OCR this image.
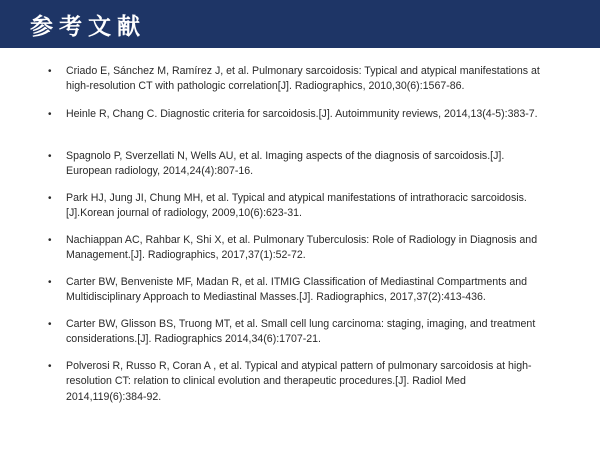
参考文献
• Criado E, Sánchez M, Ramírez J, et al. Pulmonary sarcoidosis: Typical and atypical manifestations at high-resolution CT with pathologic correlation[J]. Radiographics, 2010,30(6):1567-86.
• Heinle R, Chang C. Diagnostic criteria for sarcoidosis.[J]. Autoimmunity reviews, 2014,13(4-5):383-7.
• Spagnolo P, Sverzellati N, Wells AU, et al. Imaging aspects of the diagnosis of sarcoidosis.[J]. European radiology, 2014,24(4):807-16.
• Park HJ, Jung JI, Chung MH, et al. Typical and atypical manifestations of intrathoracic sarcoidosis.[J].Korean journal of radiology, 2009,10(6):623-31.
• Nachiappan AC, Rahbar K, Shi X, et al. Pulmonary Tuberculosis: Role of Radiology in Diagnosis and Management.[J]. Radiographics, 2017,37(1):52-72.
• Carter BW, Benveniste MF, Madan R, et al. ITMIG Classification of Mediastinal Compartments and Multidisciplinary Approach to Mediastinal Masses.[J]. Radiographics, 2017,37(2):413-436.
• Carter BW, Glisson BS, Truong MT, et al. Small cell lung carcinoma: staging, imaging, and treatment considerations.[J]. Radiographics 2014,34(6):1707-21.
• Polverosi R, Russo R, Coran A , et al. Typical and atypical pattern of pulmonary sarcoidosis at high-resolution CT: relation to clinical evolution and therapeutic procedures.[J]. Radiol Med 2014,119(6):384-92.
